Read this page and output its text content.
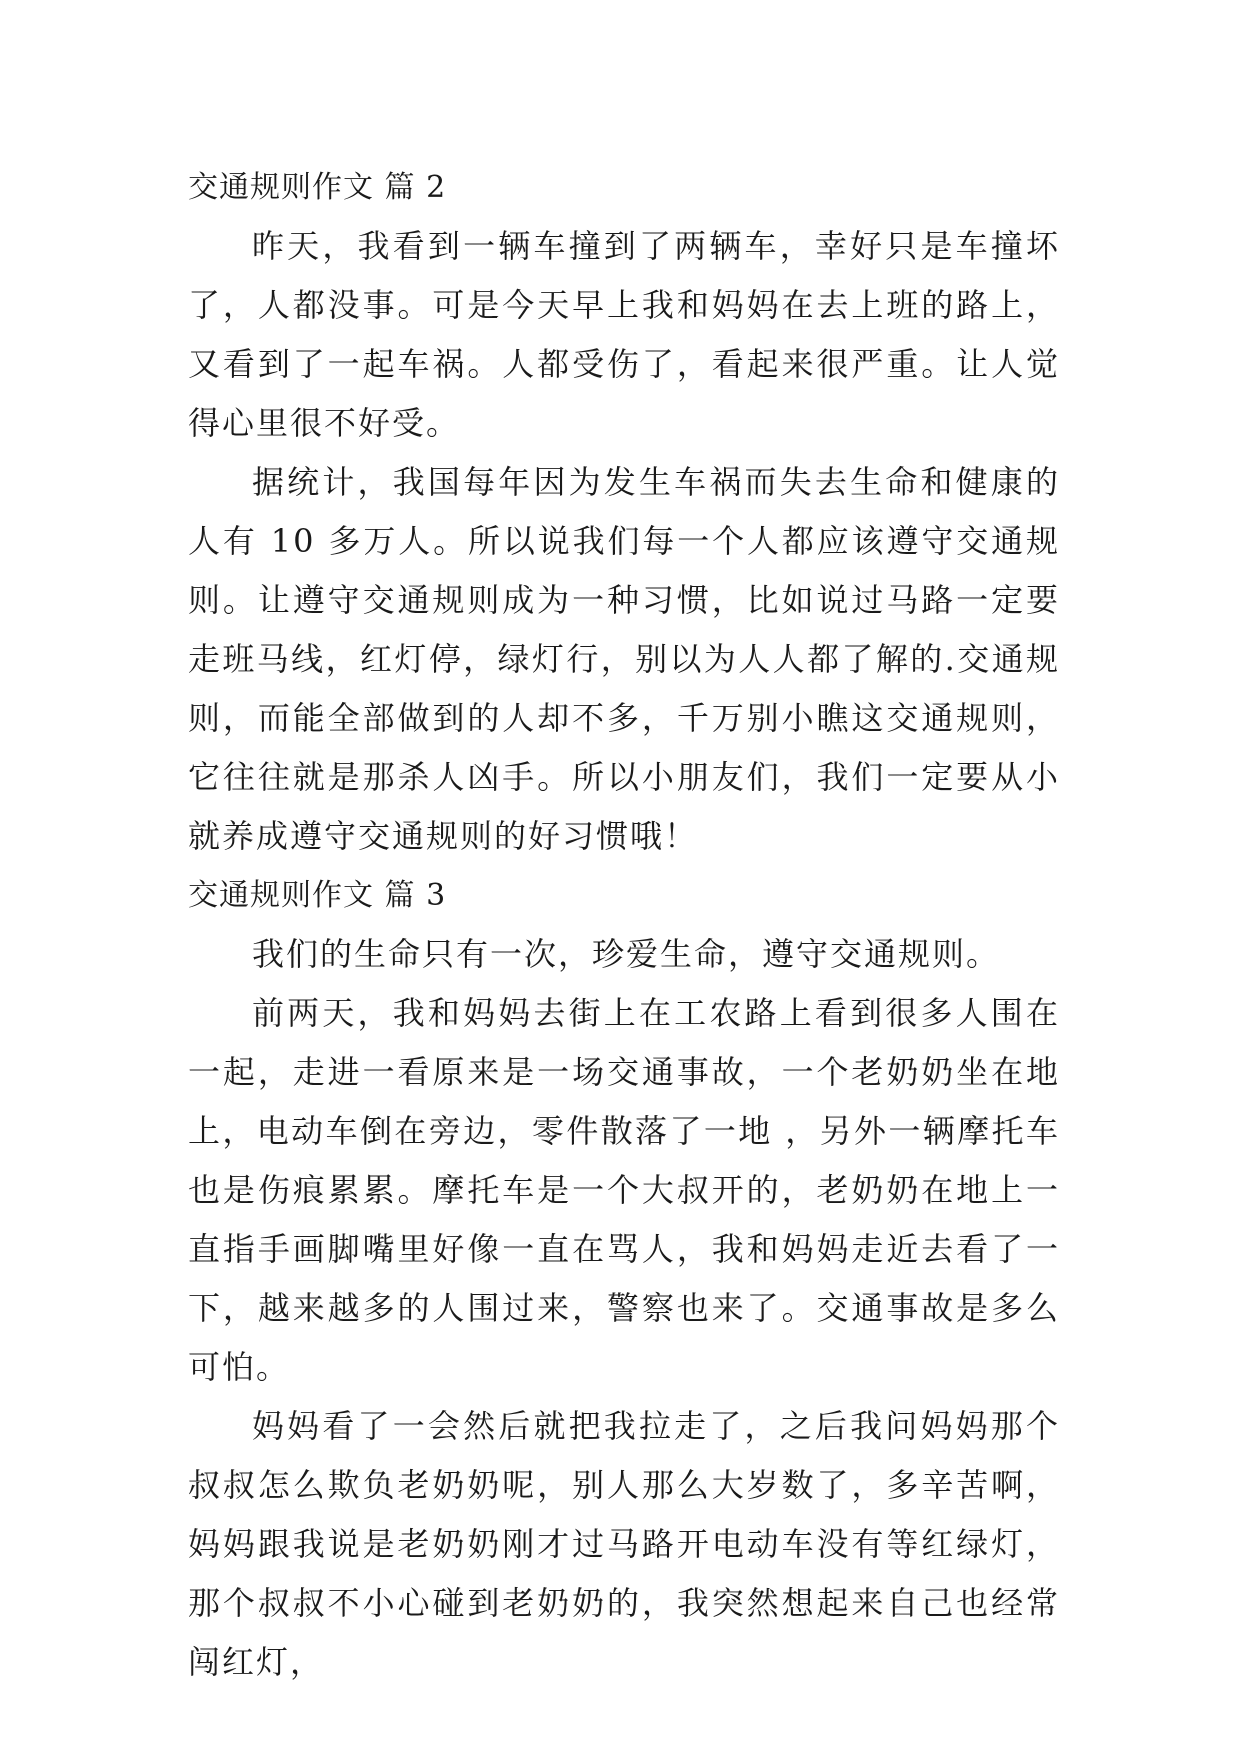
交通规则作文 篇 2

昨天，我看到一辆车撞到了两辆车，幸好只是车撞坏了，人都没事。可是今天早上我和妈妈在去上班的路上，又看到了一起车祸。人都受伤了，看起来很严重。让人觉得心里很不好受。

据统计，我国每年因为发生车祸而失去生命和健康的人有 10 多万人。所以说我们每一个人都应该遵守交通规则。让遵守交通规则成为一种习惯，比如说过马路一定要走班马线，红灯停，绿灯行，别以为人人都了解的.交通规则，而能全部做到的人却不多，千万别小瞧这交通规则，它往往就是那杀人凶手。所以小朋友们，我们一定要从小就养成遵守交通规则的好习惯哦！

交通规则作文 篇 3

我们的生命只有一次，珍爱生命，遵守交通规则。

前两天，我和妈妈去街上在工农路上看到很多人围在一起，走进一看原来是一场交通事故，一个老奶奶坐在地上，电动车倒在旁边，零件散落了一地 ，另外一辆摩托车也是伤痕累累。摩托车是一个大叔开的，老奶奶在地上一直指手画脚嘴里好像一直在骂人，我和妈妈走近去看了一下，越来越多的人围过来，警察也来了。交通事故是多么可怕。

妈妈看了一会然后就把我拉走了，之后我问妈妈那个叔叔怎么欺负老奶奶呢，别人那么大岁数了，多辛苦啊，妈妈跟我说是老奶奶刚才过马路开电动车没有等红绿灯，那个叔叔不小心碰到老奶奶的，我突然想起来自己也经常闯红灯，
